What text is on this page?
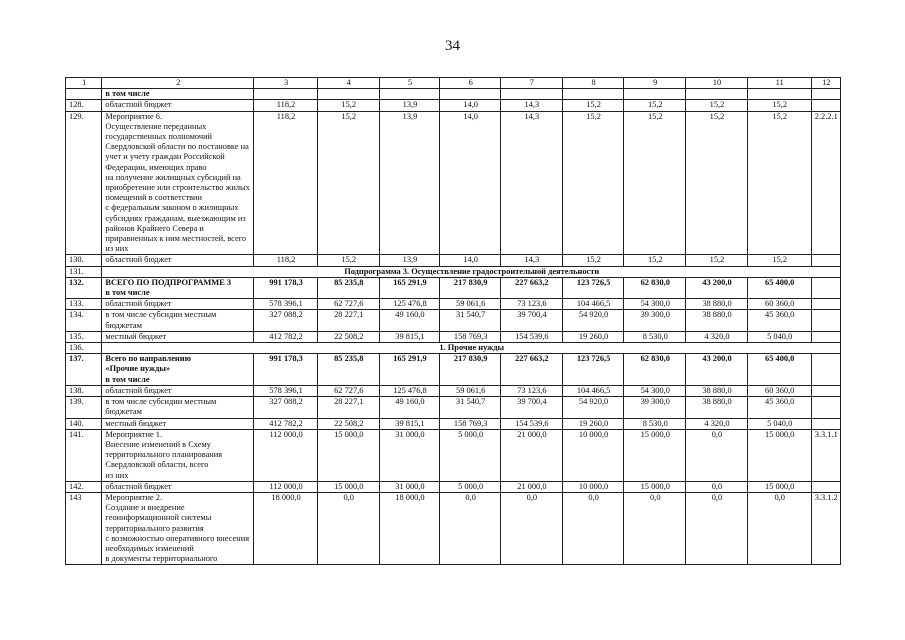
34
1	2	3	4	5	6	7	8	9	10	11	12
	в том числе										
128.	областной бюджет	118,2	15,2	13,9	14,0	14,3	15,2	15,2	15,2	15,2	
129.	Мероприятие 6.
Осуществление переданных государственных полномочий Свердловской области по постановке на учет и учету граждан Российской Федерации, имеющих право
на получение жилищных субсидий на приобретение или строительство жилых помещений в соответствии
с федеральным законом о жилищных субсидиях гражданам, выезжающим из районов Крайнего Севера и приравненных к ним местностей, всего
из них	118,2	15,2	13,9	14,0	14,3	15,2	15,2	15,2	15,2	2.2.2.1
130.	областной бюджет	118,2	15,2	13,9	14,0	14,3	15,2	15,2	15,2	15,2	
131.	Подпрограмма 3. Осуществление градостроительной деятельности										
132.	ВСЕГО ПО ПОДПРОГРАММЕ 3
в том числе	991 178,3	85 235,8	165 291,9	217 830,9	227 663,2	123 726,5	62 830,0	43 200,0	65 400,0	
133.	областной бюджет	578 396,1	62 727,6	125 476,8	59 061,6	73 123,6	104 466,5	54 300,0	38 880,0	60 360,0	
134.	в том числе субсидии местным бюджетам	327 088,2	28 227,1	49 160,0	31 540,7	39 700,4	54 920,0	39 300,0	38 880,0	45 360,0	
135.	местный бюджет	412 782,2	22 508,2	39 815,1	158 769,3	154 539,6	19 260,0	8 530,0	4 320,0	5 040,0	
136.	1. Прочие нужды										
137.	Всего по направлению
«Прочие нужды»
в том числе	991 178,3	85 235,8	165 291,9	217 830,9	227 663,2	123 726,5	62 830,0	43 200,0	65 400,0	
138.	областной бюджет	578 396,1	62 727,6	125 476,8	59 061,6	73 123,6	104 466,5	54 300,0	38 880,0	60 360,0	
139.	в том числе субсидии местным бюджетам	327 088,2	28 227,1	49 160,0	31 540,7	39 700,4	54 920,0	39 300,0	38 880,0	45 360,0	
140.	местный бюджет	412 782,2	22 508,2	39 815,1	158 769,3	154 539,6	19 260,0	8 530,0	4 320,0	5 040,0	
141.	Мероприятие 1.
Внесение изменений в Схему территориального планирования Свердловской области, всего
из них	112 000,0	15 000,0	31 000,0	5 000,0	21 000,0	10 000,0	15 000,0	0,0	15 000,0	3.3.1.1
142.	областной бюджет	112 000,0	15 000,0	31 000,0	5 000,0	21 000,0	10 000,0	15 000,0	0,0	15 000,0	
143	Мероприятие 2.
Создание и внедрение геоинформационной системы территориального развития
с возможностью оперативного внесения необходимых изменений
в документы территориального	18 000,0	0,0	18 000,0	0,0	0,0	0,0	0,0	0,0	0,0	3.3.1.2
